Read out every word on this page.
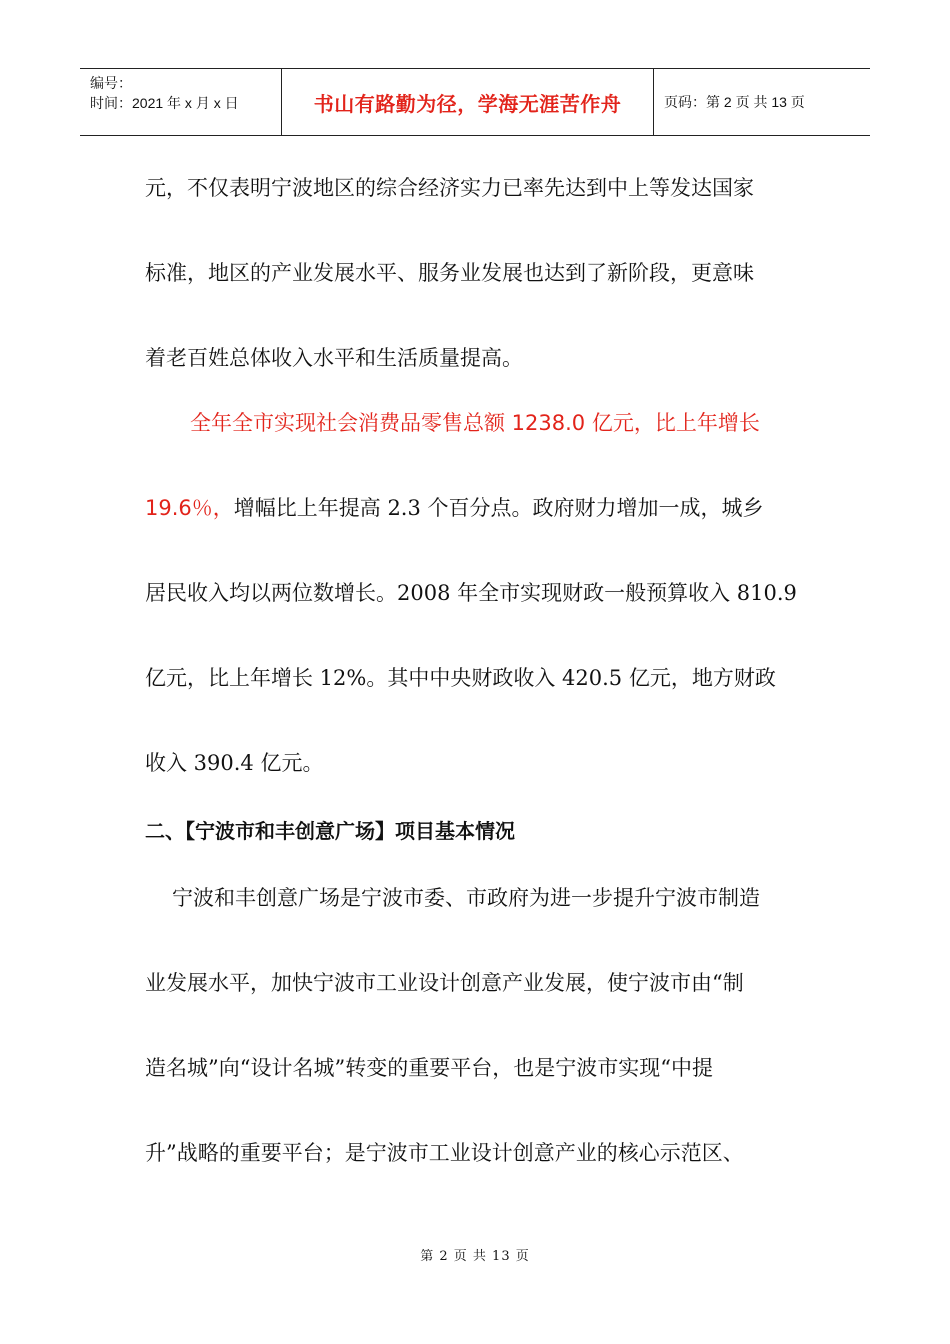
编号：
时间：2021 年 x 月 x 日	书山有路勤为径，学海无涯苦作舟	页码：第 2 页 共 13 页
元，不仅表明宁波地区的综合经济实力已率先达到中上等发达国家
标准，地区的产业发展水平、服务业发展也达到了新阶段，更意味
着老百姓总体收入水平和生活质量提高。
全年全市实现社会消费品零售总额 1238.0 亿元，比上年增长
19.6％，增幅比上年提高 2.3 个百分点。政府财力增加一成，城乡
居民收入均以两位数增长。2008 年全市实现财政一般预算收入 810.9
亿元，比上年增长 12%。其中中央财政收入 420.5 亿元，地方财政
收入 390.4 亿元。
二、【宁波市和丰创意广场】项目基本情况
宁波和丰创意广场是宁波市委、市政府为进一步提升宁波市制造
业发展水平，加快宁波市工业设计创意产业发展，使宁波市由“制
造名城”向“设计名城”转变的重要平台，也是宁波市实现“中提
升”战略的重要平台；是宁波市工业设计创意产业的核心示范区、
第 2 页 共 13 页
